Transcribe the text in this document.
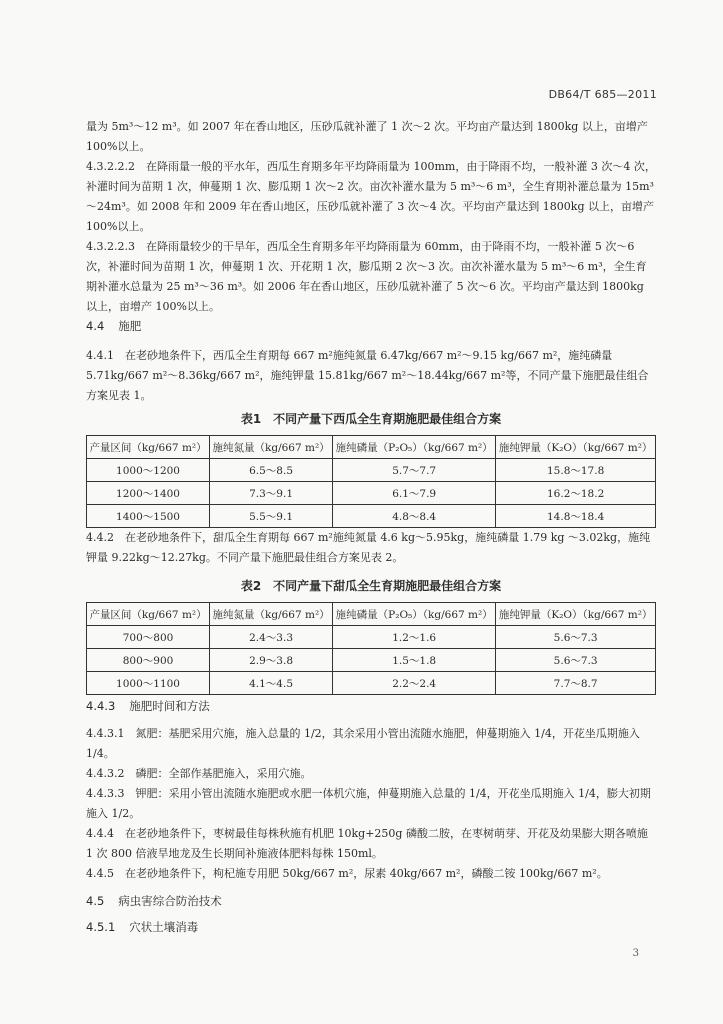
DB64/T 685—2011

量为 5m³～12 m³。如 2007 年在香山地区，压砂瓜就补灌了 1 次～2 次。平均亩产量达到 1800kg 以上，亩增产 100%以上。

4.3.2.2.2　在降雨量一般的平水年，西瓜生育期多年平均降雨量为 100mm，由于降雨不均，一般补灌 3 次～4 次，补灌时间为苗期 1 次，伸蔓期 1 次、膨瓜期 1 次～2 次。亩次补灌水量为 5 m³～6 m³，全生育期补灌总量为 15m³～24m³。如 2008 年和 2009 年在香山地区，压砂瓜就补灌了 3 次～4 次。平均亩产量达到 1800kg 以上，亩增产 100%以上。

4.3.2.2.3　在降雨量较少的干旱年，西瓜全生育期多年平均降雨量为 60mm，由于降雨不均，一般补灌 5 次～6 次，补灌时间为苗期 1 次，伸蔓期 1 次、开花期 1 次，膨瓜期 2 次～3 次。亩次补灌水量为 5 m³～6 m³，全生育期补灌水总量为 25 m³～36 m³。如 2006 年在香山地区，压砂瓜就补灌了 5 次～6 次。平均亩产量达到 1800kg 以上，亩增产 100%以上。

4.4 施肥

4.4.1　在老砂地条件下，西瓜全生育期每 667 m²施纯氮量 6.47kg/667 m²～9.15 kg/667 m²，施纯磷量 5.71kg/667 m²～8.36kg/667 m²，施纯钾量 15.81kg/667 m²～18.44kg/667 m²等，不同产量下施肥最佳组合方案见表 1。

表1　不同产量下西瓜全生育期施肥最佳组合方案
产量区间（kg/667 m²）	施纯氮量（kg/667 m²）	施纯磷量（P₂O₅）（kg/667 m²）	施纯钾量（K₂O）（kg/667 m²）
1000～1200	6.5～8.5	5.7～7.7	15.8～17.8
1200～1400	7.3～9.1	6.1～7.9	16.2～18.2
1400～1500	5.5～9.1	4.8～8.4	14.8～18.4

4.4.2　在老砂地条件下，甜瓜全生育期每 667 m²施纯氮量 4.6 kg～5.95kg，施纯磷量 1.79 kg ～3.02kg，施纯钾量 9.22kg～12.27kg。不同产量下施肥最佳组合方案见表 2。

表2　不同产量下甜瓜全生育期施肥最佳组合方案
产量区间（kg/667 m²）	施纯氮量（kg/667 m²）	施纯磷量（P₂O₅）（kg/667 m²）	施纯钾量（K₂O）（kg/667 m²）
700～800	2.4～3.3	1.2～1.6	5.6～7.3
800～900	2.9～3.8	1.5～1.8	5.6～7.3
1000～1100	4.1～4.5	2.2～2.4	7.7～8.7
4.4.3 施肥时间和方法

4.4.3.1　氮肥：基肥采用穴施，施入总量的 1/2，其余采用小管出流随水施肥，伸蔓期施入 1/4，开花坐瓜期施入 1/4。

4.4.3.2　磷肥：全部作基肥施入，采用穴施。

4.4.3.3　钾肥：采用小管出流随水施肥或水肥一体机穴施，伸蔓期施入总量的 1/4，开花坐瓜期施入 1/4，膨大初期施入 1/2。

4.4.4　在老砂地条件下，枣树最佳每株秋施有机肥 10kg+250g 磷酸二胺，在枣树萌芽、开花及幼果膨大期各喷施 1 次 800 倍液旱地龙及生长期间补施液体肥料每株 150ml。

4.4.5　在老砂地条件下，枸杞施专用肥 50kg/667 m²，尿素 40kg/667 m²，磷酸二铵 100kg/667 m²。

4.5 病虫害综合防治技术
4.5.1 穴状土壤消毒
3
